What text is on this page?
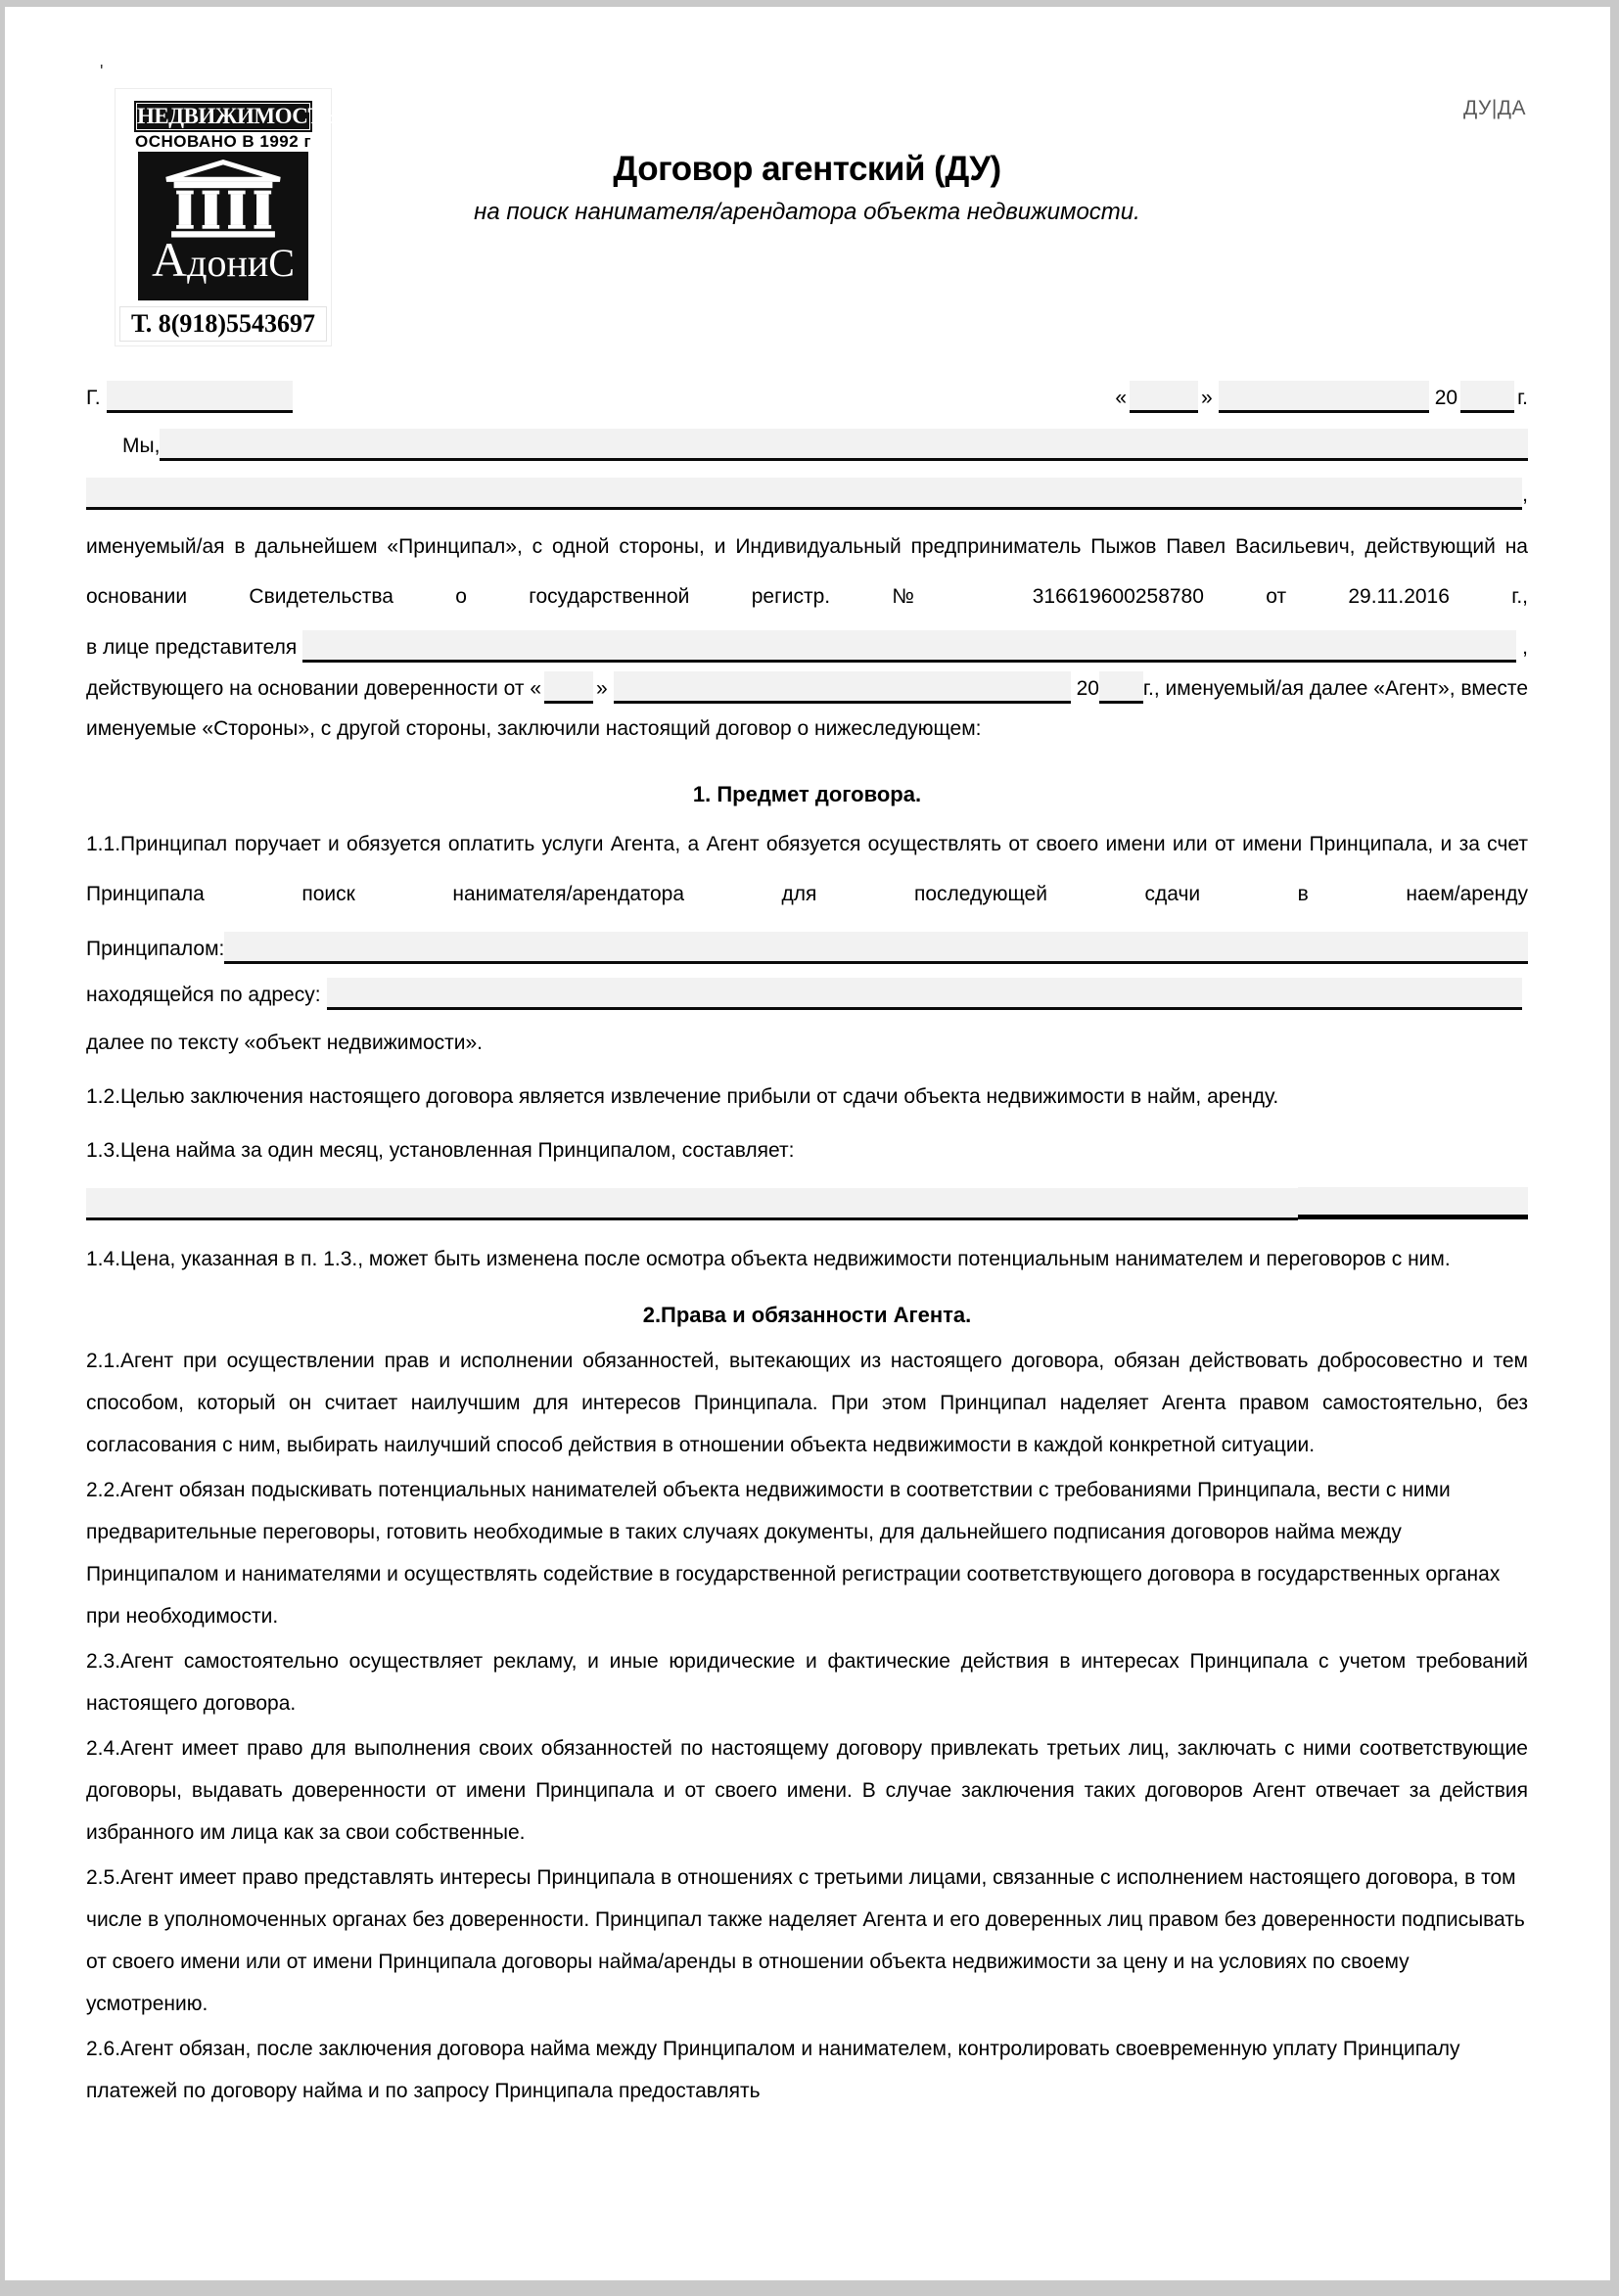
'
НЕДВИЖИМОСТЬ
ОСНОВАНО В 1992 г
АдониС
Т. 8(918)5543697
ДУ|ДА
Договор агентский (ДУ)
на поиск нанимателя/арендатора объекта недвижимости.
Г.	«	»	20	г.
Мы,
,

именуемый/ая в дальнейшем «Принципал», с одной стороны, и Индивидуальный предприниматель Пыжов Павел Васильевич, действующий на основании Свидетельства о государственной регистр. № 316619600258780 от 29.11.2016 г.,

в лице представителя	,
действующего на основании доверенности от «	»	20 г., именуемый/ая далее «Агент», вместе

именуемые «Стороны», с другой стороны, заключили настоящий договор о нижеследующем:

1. Предмет договора.

1.1.Принципал поручает и обязуется оплатить услуги Агента, а Агент обязуется осуществлять от своего имени или от имени Принципала, и за счет Принципала поиск нанимателя/арендатора для последующей сдачи в наем/аренду

Принципалом:
находящейся по адресу:

далее по тексту «объект недвижимости».

1.2.Целью заключения настоящего договора является извлечение прибыли от сдачи объекта недвижимости в найм, аренду.

1.3.Цена найма за один месяц, установленная Принципалом, составляет:

1.4.Цена, указанная в п. 1.3., может быть изменена после осмотра объекта недвижимости потенциальным нанимателем и переговоров с ним.

2.Права и обязанности Агента.

2.1.Агент при осуществлении прав и исполнении обязанностей, вытекающих из настоящего договора, обязан действовать добросовестно и тем способом, который он считает наилучшим для интересов Принципала. При этом Принципал наделяет Агента правом самостоятельно, без согласования с ним, выбирать наилучший способ действия в отношении объекта недвижимости в каждой конкретной ситуации.

2.2.Агент обязан подыскивать потенциальных нанимателей объекта недвижимости в соответствии с требованиями Принципала, вести с ними предварительные переговоры, готовить необходимые в таких случаях документы, для дальнейшего подписания договоров найма между Принципалом и нанимателями и осуществлять содействие в государственной регистрации соответствующего договора в государственных органах при необходимости.

2.3.Агент самостоятельно осуществляет рекламу, и иные юридические и фактические действия в интересах Принципала с учетом требований настоящего договора.

2.4.Агент имеет право для выполнения своих обязанностей по настоящему договору привлекать третьих лиц, заключать с ними соответствующие договоры, выдавать доверенности от имени Принципала и от своего имени. В случае заключения таких договоров Агент отвечает за действия избранного им лица как за свои собственные.

2.5.Агент имеет право представлять интересы Принципала в отношениях с третьими лицами, связанные с исполнением настоящего договора, в том числе в уполномоченных органах без доверенности. Принципал также наделяет Агента и его доверенных лиц правом без доверенности подписывать от своего имени или от имени Принципала договоры найма/аренды в отношении объекта недвижимости за цену и на условиях по своему усмотрению.

2.6.Агент обязан, после заключения договора найма между Принципалом и нанимателем, контролировать своевременную уплату Принципалу платежей по договору найма и по запросу Принципала предоставлять
